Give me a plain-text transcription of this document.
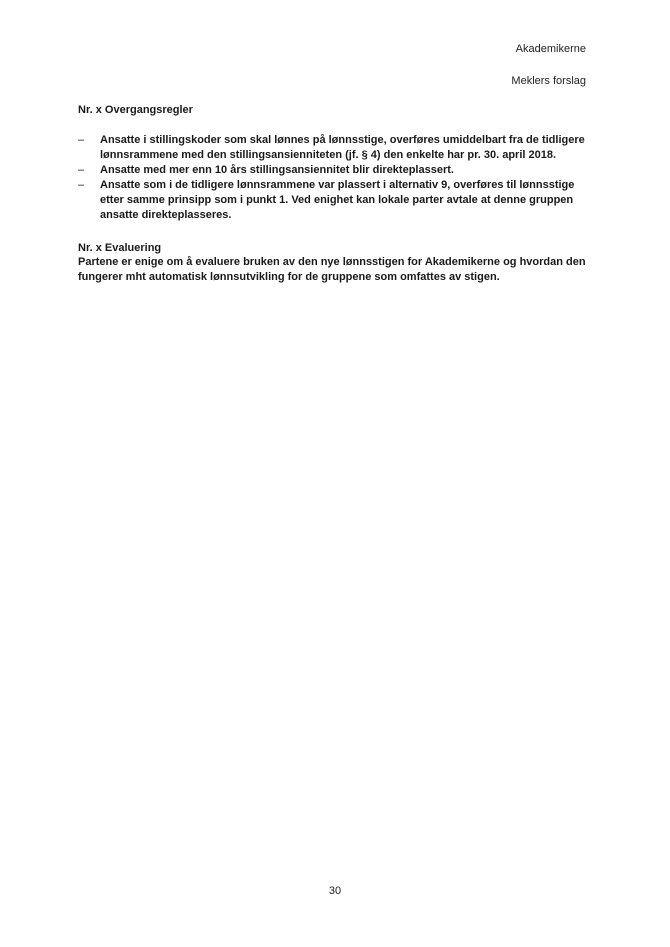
Akademikerne
Meklers forslag
Nr. x Overgangsregler
–	Ansatte i stillingskoder som skal lønnes på lønnsstige, overføres umiddelbart fra de tidligere lønnsrammene med den stillingsansienniteten (jf. § 4) den enkelte har pr. 30. april 2018.
–	Ansatte med mer enn 10 års stillingsansiennitet blir direkteplassert.
–	Ansatte som i de tidligere lønnsrammene var plassert i alternativ 9, overføres til lønnsstige etter samme prinsipp som i punkt 1. Ved enighet kan lokale parter avtale at denne gruppen ansatte direkteplasseres.
Nr. x Evaluering

Partene er enige om å evaluere bruken av den nye lønnsstigen for Akademikerne og hvordan den fungerer mht automatisk lønnsutvikling for de gruppene som omfattes av stigen.

30
